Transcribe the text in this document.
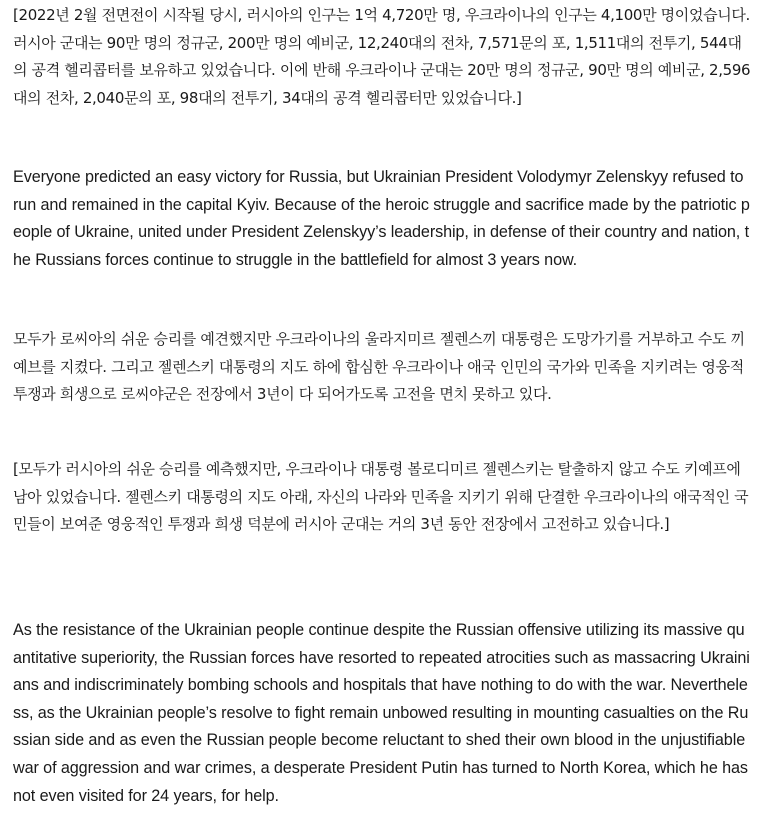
[2022년 2월 전면전이 시작될 당시, 러시아의 인구는 1억 4,720만 명, 우크라이나의 인구는 4,100만 명이었습니다. 러시아 군대는 90만 명의 정규군, 200만 명의 예비군, 12,240대의 전차, 7,571문의 포, 1,511대의 전투기, 544대의 공격 헬리콥터를 보유하고 있었습니다. 이에 반해 우크라이나 군대는 20만 명의 정규군, 90만 명의 예비군, 2,596대의 전차, 2,040문의 포, 98대의 전투기, 34대의 공격 헬리콥터만 있었습니다.]

Everyone predicted an easy victory for Russia, but Ukrainian President Volodymyr Zelenskyy refused to run and remained in the capital Kyiv. Because of the heroic struggle and sacrifice made by the patriotic people of Ukraine, united under President Zelenskyy’s leadership, in defense of their country and nation, the Russians forces continue to struggle in the battlefield for almost 3 years now.

모두가 로씨아의 쉬운 승리를 예견했지만 우크라이나의 울라지미르 젤렌스끼 대통령은 도망가기를 거부하고 수도 끼예브를 지켰다. 그리고 젤렌스키 대통령의 지도 하에 합심한 우크라이나 애국 인민의 국가와 민족을 지키려는 영웅적 투쟁과 희생으로 로씨야군은 전장에서 3년이 다 되어가도록 고전을 면치 못하고 있다.

[모두가 러시아의 쉬운 승리를 예측했지만, 우크라이나 대통령 볼로디미르 젤렌스키는 탈출하지 않고 수도 키예프에 남아 있었습니다. 젤렌스키 대통령의 지도 아래, 자신의 나라와 민족을 지키기 위해 단결한 우크라이나의 애국적인 국민들이 보여준 영웅적인 투쟁과 희생 덕분에 러시아 군대는 거의 3년 동안 전장에서 고전하고 있습니다.]

As the resistance of the Ukrainian people continue despite the Russian offensive utilizing its massive quantitative superiority, the Russian forces have resorted to repeated atrocities such as massacring Ukrainians and indiscriminately bombing schools and hospitals that have nothing to do with the war. Nevertheless, as the Ukrainian people’s resolve to fight remain unbowed resulting in mounting casualties on the Russian side and as even the Russian people become reluctant to shed their own blood in the unjustifiable war of aggression and war crimes, a desperate President Putin has turned to North Korea, which he has not even visited for 24 years, for help.
